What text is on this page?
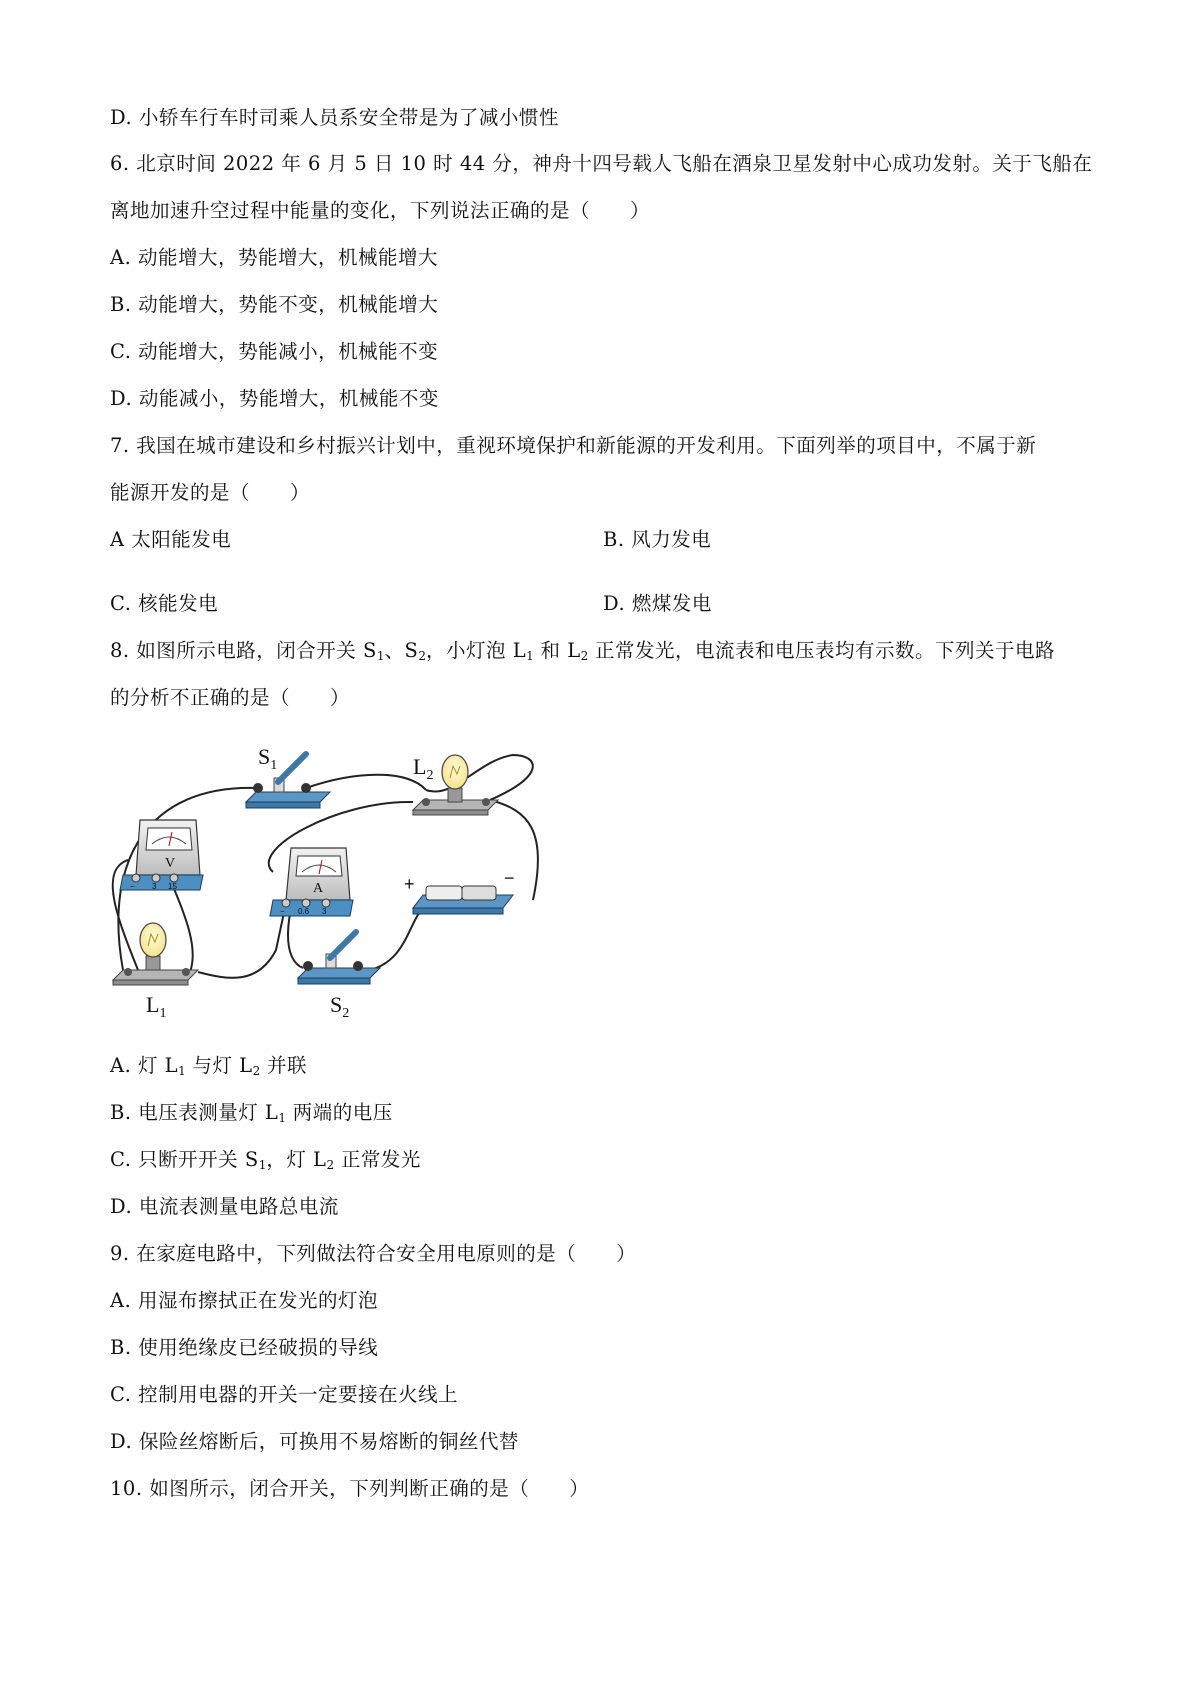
D. 小轿车行车时司乘人员系安全带是为了减小惯性
6. 北京时间 2022 年 6 月 5 日 10 时 44 分，神舟十四号载人飞船在酒泉卫星发射中心成功发射。关于飞船在
离地加速升空过程中能量的变化，下列说法正确的是（　　）
A. 动能增大，势能增大，机械能增大
B. 动能增大，势能不变，机械能增大
C. 动能增大，势能减小，机械能不变
D. 动能减小，势能增大，机械能不变
7. 我国在城市建设和乡村振兴计划中，重视环境保护和新能源的开发利用。下面列举的项目中，不属于新
能源开发的是（　　）
A 太阳能发电	B. 风力发电
C. 核能发电	D. 燃煤发电
8. 如图所示电路，闭合开关 $S_1$、$S_2$，小灯泡 $L_1$ 和 $L_2$ 正常发光，电流表和电压表均有示数。下列关于电路
的分析不正确的是（　　）
$S_1$	$L_2$
V
− 3 15	A
− 0.6 3
+	−
$L_1$	$S_2$
A. 灯 $L_1$ 与灯 $L_2$ 并联
B. 电压表测量灯 $L_1$ 两端的电压
C. 只断开开关 $S_1$，灯 $L_2$ 正常发光
D. 电流表测量电路总电流
9. 在家庭电路中，下列做法符合安全用电原则的是（　　）
A. 用湿布擦拭正在发光的灯泡
B. 使用绝缘皮已经破损的导线
C. 控制用电器的开关一定要接在火线上
D. 保险丝熔断后，可换用不易熔断的铜丝代替
10. 如图所示，闭合开关，下列判断正确的是（　　）
